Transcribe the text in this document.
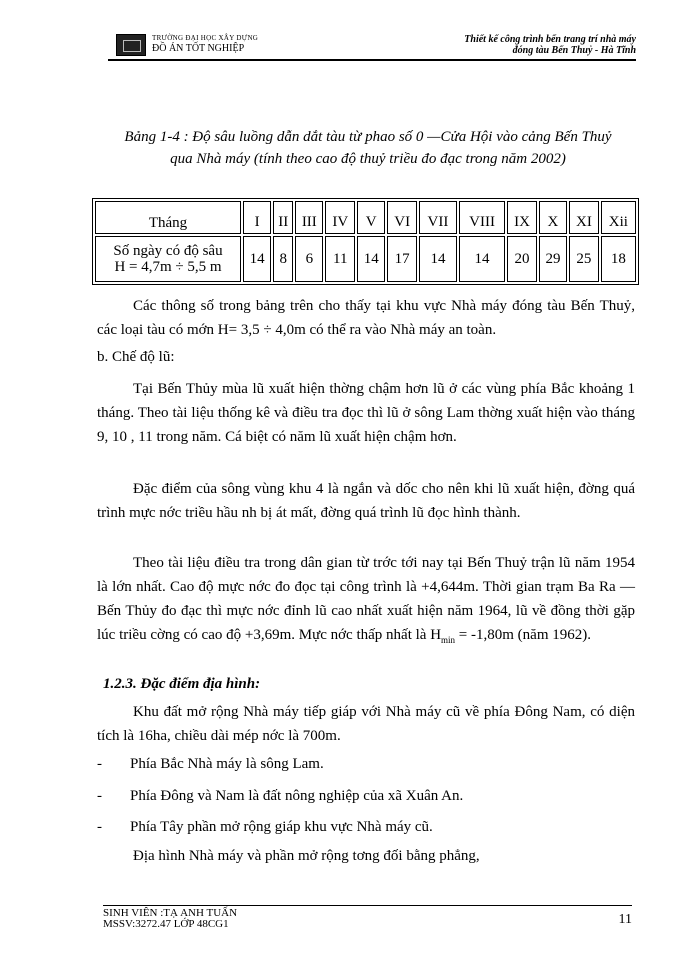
TRƯỜNG ĐẠI HỌC XÂY DỰNG
ĐỒ ÁN TỐT NGHIỆP
Thiết kế công trình bến trang trí nhà máy
đóng tàu Bến Thuỷ - Hà Tĩnh
Bảng 1-4 : Độ sâu luồng dẫn dắt tàu từ phao số 0 —Cửa Hội vào cảng Bến Thuỷ
qua Nhà máy (tính theo cao độ thuỷ triều đo đạc trong năm 2002)
Tháng	I	II	III	IV	V	VI	VII	VIII	IX	X	XI	Xii

Số ngày có độ sâu
H = 4,7m ÷ 5,5 m	14	8	6	11	14	17	14	14	20	29	25	18
Các thông số trong bảng trên cho thấy tại khu vực Nhà máy đóng tàu Bến Thuỷ, các loại tàu có mớn H= 3,5 ÷ 4,0m có thể ra vào Nhà máy an toàn.
b. Chế độ lũ:
Tại Bến Thủy mùa lũ xuất hiện thờng chậm hơn lũ ở các vùng phía Bắc khoảng 1 tháng. Theo tài liệu thống kê và điều tra đọc thì lũ ở sông Lam thờng xuất hiện vào tháng 9, 10 , 11 trong năm. Cá biệt có năm lũ xuất hiện chậm hơn.
Đặc điểm của sông vùng khu 4 là ngắn và dốc cho nên khi lũ xuất hiện, đờng quá trình mực nớc triều hầu nh bị át mất, đờng quá trình lũ đọc hình thành.
Theo tài liệu điều tra trong dân gian từ trớc tới nay tại Bến Thuỷ trận lũ năm 1954 là lớn nhất. Cao độ mực nớc đo đọc tại công trình là +4,644m. Thời gian trạm Ba Ra — Bến Thủy đo đạc thì mực nớc đỉnh lũ cao nhất xuất hiện năm 1964, lũ về đồng thời gặp lúc triều cờng có cao độ +3,69m. Mực nớc thấp nhất là $H_{min} = -1,80m$ (năm 1962).
1.2.3. Đặc điểm địa hình:
Khu đất mở rộng Nhà máy tiếp giáp với Nhà máy cũ về phía Đông Nam, có diện tích là 16ha, chiều dài mép nớc là 700m.
- Phía Bắc Nhà máy là sông Lam.
- Phía Đông và Nam là đất nông nghiệp của xã Xuân An.
- Phía Tây phần mở rộng giáp khu vực Nhà máy cũ.
Địa hình Nhà máy và phần mở rộng tơng đối bằng phẳng,
SINH VIÊN :TẠ ANH TUẤN
MSSV:3272.47 LỚP 48CG1	11
